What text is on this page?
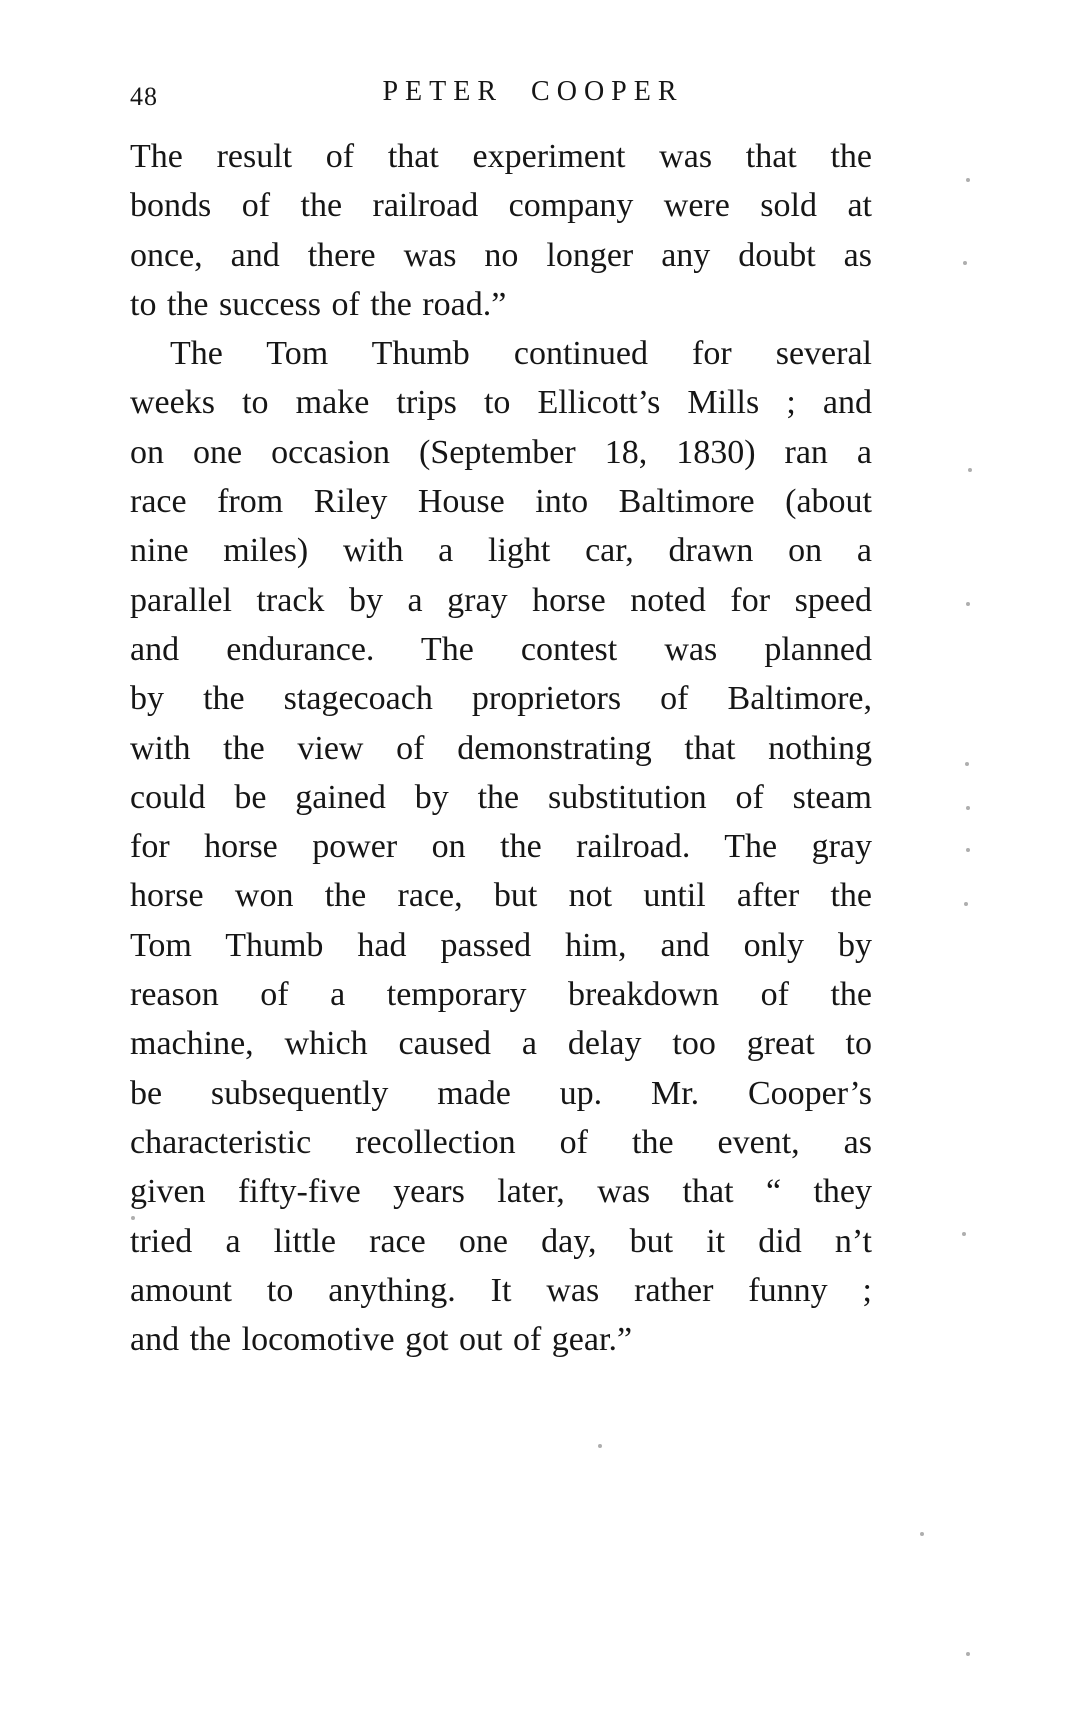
48	PETER COOPER
The result of that experiment was that the
bonds of the railroad company were sold at
once, and there was no longer any doubt as
to the success of the road.”
The Tom Thumb continued for several
weeks to make trips to Ellicott’s Mills ; and
on one occasion (September 18, 1830) ran a
race from Riley House into Baltimore (about
nine miles) with a light car, drawn on a
parallel track by a gray horse noted for speed
and endurance. The contest was planned
by the stagecoach proprietors of Baltimore,
with the view of demonstrating that nothing
could be gained by the substitution of steam
for horse power on the railroad. The gray
horse won the race, but not until after the
Tom Thumb had passed him, and only by
reason of a temporary breakdown of the
machine, which caused a delay too great to
be subsequently made up. Mr. Cooper’s
characteristic recollection of the event, as
given fifty-five years later, was that “ they
tried a little race one day, but it did n’t
amount to anything. It was rather funny ;
and the locomotive got out of gear.”
